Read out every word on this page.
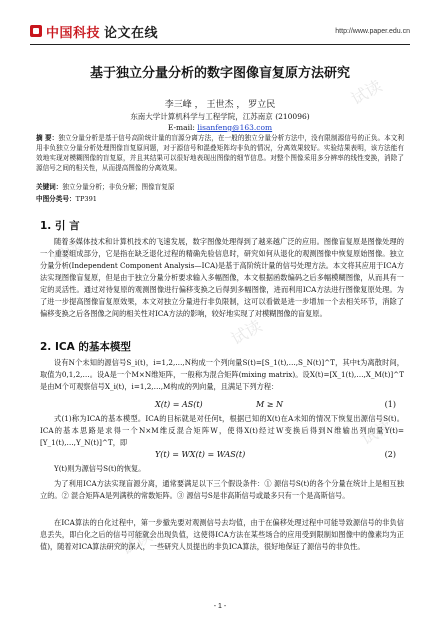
中国科技 论文在线	http://www.paper.edu.cn
试读
试读
试读
试读
试读
基于独立分量分析的数字图像盲复原方法研究
李三峰 ， 王世杰 ， 罗立民
东南大学计算机科学与工程学院，江苏南京 (210096)
E-mail: lisanfeng@163.com
摘 要：独立分量分析是基于信号高阶统计量的盲源分离方法，在一般的独立分量分析方法中，没有限制源信号的正负。本文利用非负独立分量分析处理图像盲复原问题，对于源信号和混叠矩阵均非负的情况，分离效果较好。实验结果表明，该方法能有效地实现对模糊图像的盲复原，并且其结果可以很好地表现出图像的细节信息。对整个图像采用多分辨率的线性变换，消除了源信号之间的相关性，从而提高图像的分离效果。
关键词：独立分量分析；非负分解；图像盲复原
中图分类号：TP391
1. 引 言
随着多媒体技术和计算机技术的飞速发展，数字图像处理得到了越来越广泛的应用。图像盲复原是图像处理的一个重要组成部分，它是指在缺乏退化过程的精确先验信息时，研究如何从退化的观测图像中恢复原始图像。独立分量分析(Independent Component Analysis—ICA)是基于高阶统计量的信号处理方法。本文将其应用于ICA方法实现图像盲复原，但是由于独立分量分析要求输入多幅图像，本文根据函数编码之后多幅模糊图像，从而具有一定的灵活性。通过对待复原的观测图像进行偏移变换之后得到多幅图像，进而利用ICA方法进行图像复原处理。为了进一步提高图像盲复原效果，本文对独立分量进行非负限制，这可以看做是进一步增加一个去相关环节，消除了偏移变换之后各图像之间的相关性对ICA方法的影响，较好地实现了对模糊图像的盲复原。
2. ICA 的基本模型
设有N个未知的源信号S_i(t)，i=1,2,…,N构成一个列向量S(t)=[S_1(t),…,S_N(t)]^T，其中t为离散时间，取值为0,1,2,…。设A是一个M×N维矩阵，一般称为混合矩阵(mixing matrix)。设X(t)=[X_1(t),…,X_M(t)]^T是由M个可观察信号X_i(t)，i=1,2,…,M构成的列向量，且满足下列方程：
X(t) = AS(t)	M ≥ N	(1)
式(1)称为ICA的基本模型。ICA的目标就是对任何t，根据已知的X(t)在A未知的情况下恢复出源信号S(t)。ICA的基本思路是求得一个N×M维反混合矩阵W，使得X(t)经过W变换后得到N维输出列向量Y(t)=[Y_1(t),…,Y_N(t)]^T，即
Y(t) = WX(t) = WAS(t)	(2)
Y(t)则为源信号S(t)的恢复。
为了利用ICA方法实现盲源分离，通常要满足以下三个假设条件：① 源信号S(t)的各个分量在统计上是相互独立的。② 混合矩阵A是列满秩的常数矩阵。③ 源信号S是非高斯信号或最多只有一个是高斯信号。
在ICA算法的白化过程中，第一步撤先要对观测信号去均值，由于在偏移处理过程中可能导致源信号的非负信息丢失，即白化之后的信号可能就会出现负值，这使得ICA方法在某些场合的应用受到限制如图像中的像素均为正值)，随着对ICA算法研究的深入，一些研究人员提出的非负ICA算法，很好地保证了源信号的非负性。
- 1 -
